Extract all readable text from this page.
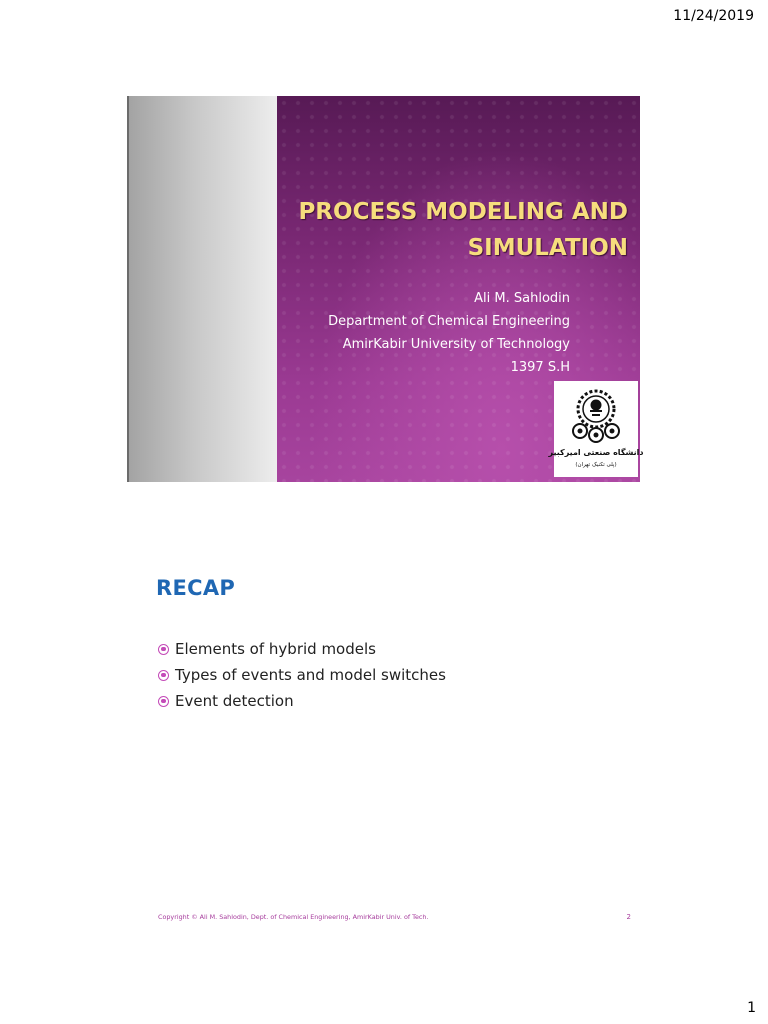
11/24/2019
PROCESS MODELING AND
SIMULATION
Ali M. Sahlodin
Department of Chemical Engineering
AmirKabir University of Technology
1397 S.H
دانشگاه صنعتی امیرکبیر
(پلی تکنیک تهران)
RECAP
Elements of hybrid models
Types of events and model switches
Event detection
Copyright © Ali M. Sahlodin, Dept. of Chemical Engineering, AmirKabir Univ. of Tech.	2
1
